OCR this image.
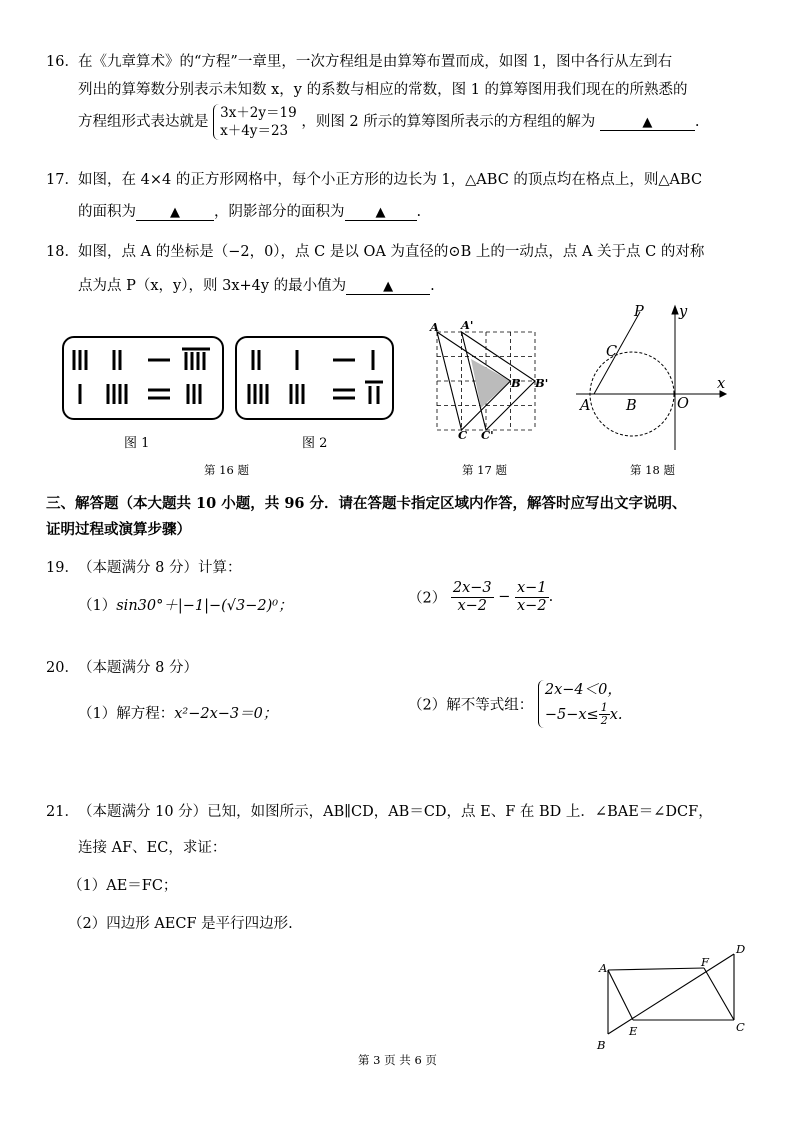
16． 在《九章算术》的“方程”一章里，一次方程组是由算筹布置而成，如图 1，图中各行从左到右
列出的算筹数分别表示未知数 x，y 的系数与相应的常数，图 1 的算筹图用我们现在的所熟悉的
方程组形式表达就是
3x＋2y＝19
x＋4y＝23
，则图 2 所示的算筹图所表示的方程组的解为	▲	.
17． 如图，在 4×4 的正方形网格中，每个小正方形的边长为 1，△ABC 的顶点均在格点上，则△ABC
的面积为	▲ ，阴影部分的面积为 ▲ .
18． 如图，点 A 的坐标是（−2，0），点 C 是以 OA 为直径的⊙B 上的一动点，点 A 关于点 C 的对称
点为点 P（x，y），则 3x+4y 的最小值为	▲	.
图 1	图 2
第 16 题
A A'
B B'
C C'
第 17 题
P y
C
x
A B	O
第 18 题
三、解答题（本大题共 10 小题，共 96 分．请在答题卡指定区域内作答，解答时应写出文字说明、
证明过程或演算步骤）
19． （本题满分 8 分）计算：
（1）sin30°＋|−1|−(√3−2)⁰；	$(2) \frac{2x-3}{x-2} - \frac{x-1}{x-2}$ .
20． （本题满分 8 分）
（1）解方程：x²−2x−3＝0；
（2）解不等式组：
2x−4＜0，
$-5-x\le \frac{1}{2} x$.
21． （本题满分 10 分）已知，如图所示，AB∥CD，AB＝CD，点 E、F 在 BD 上．∠BAE＝∠DCF，
连接 AF、EC，求证：
（1）AE＝FC；
（2）四边形 AECF 是平行四边形.
A
B
C
D
E
F
第 3 页 共 6 页
